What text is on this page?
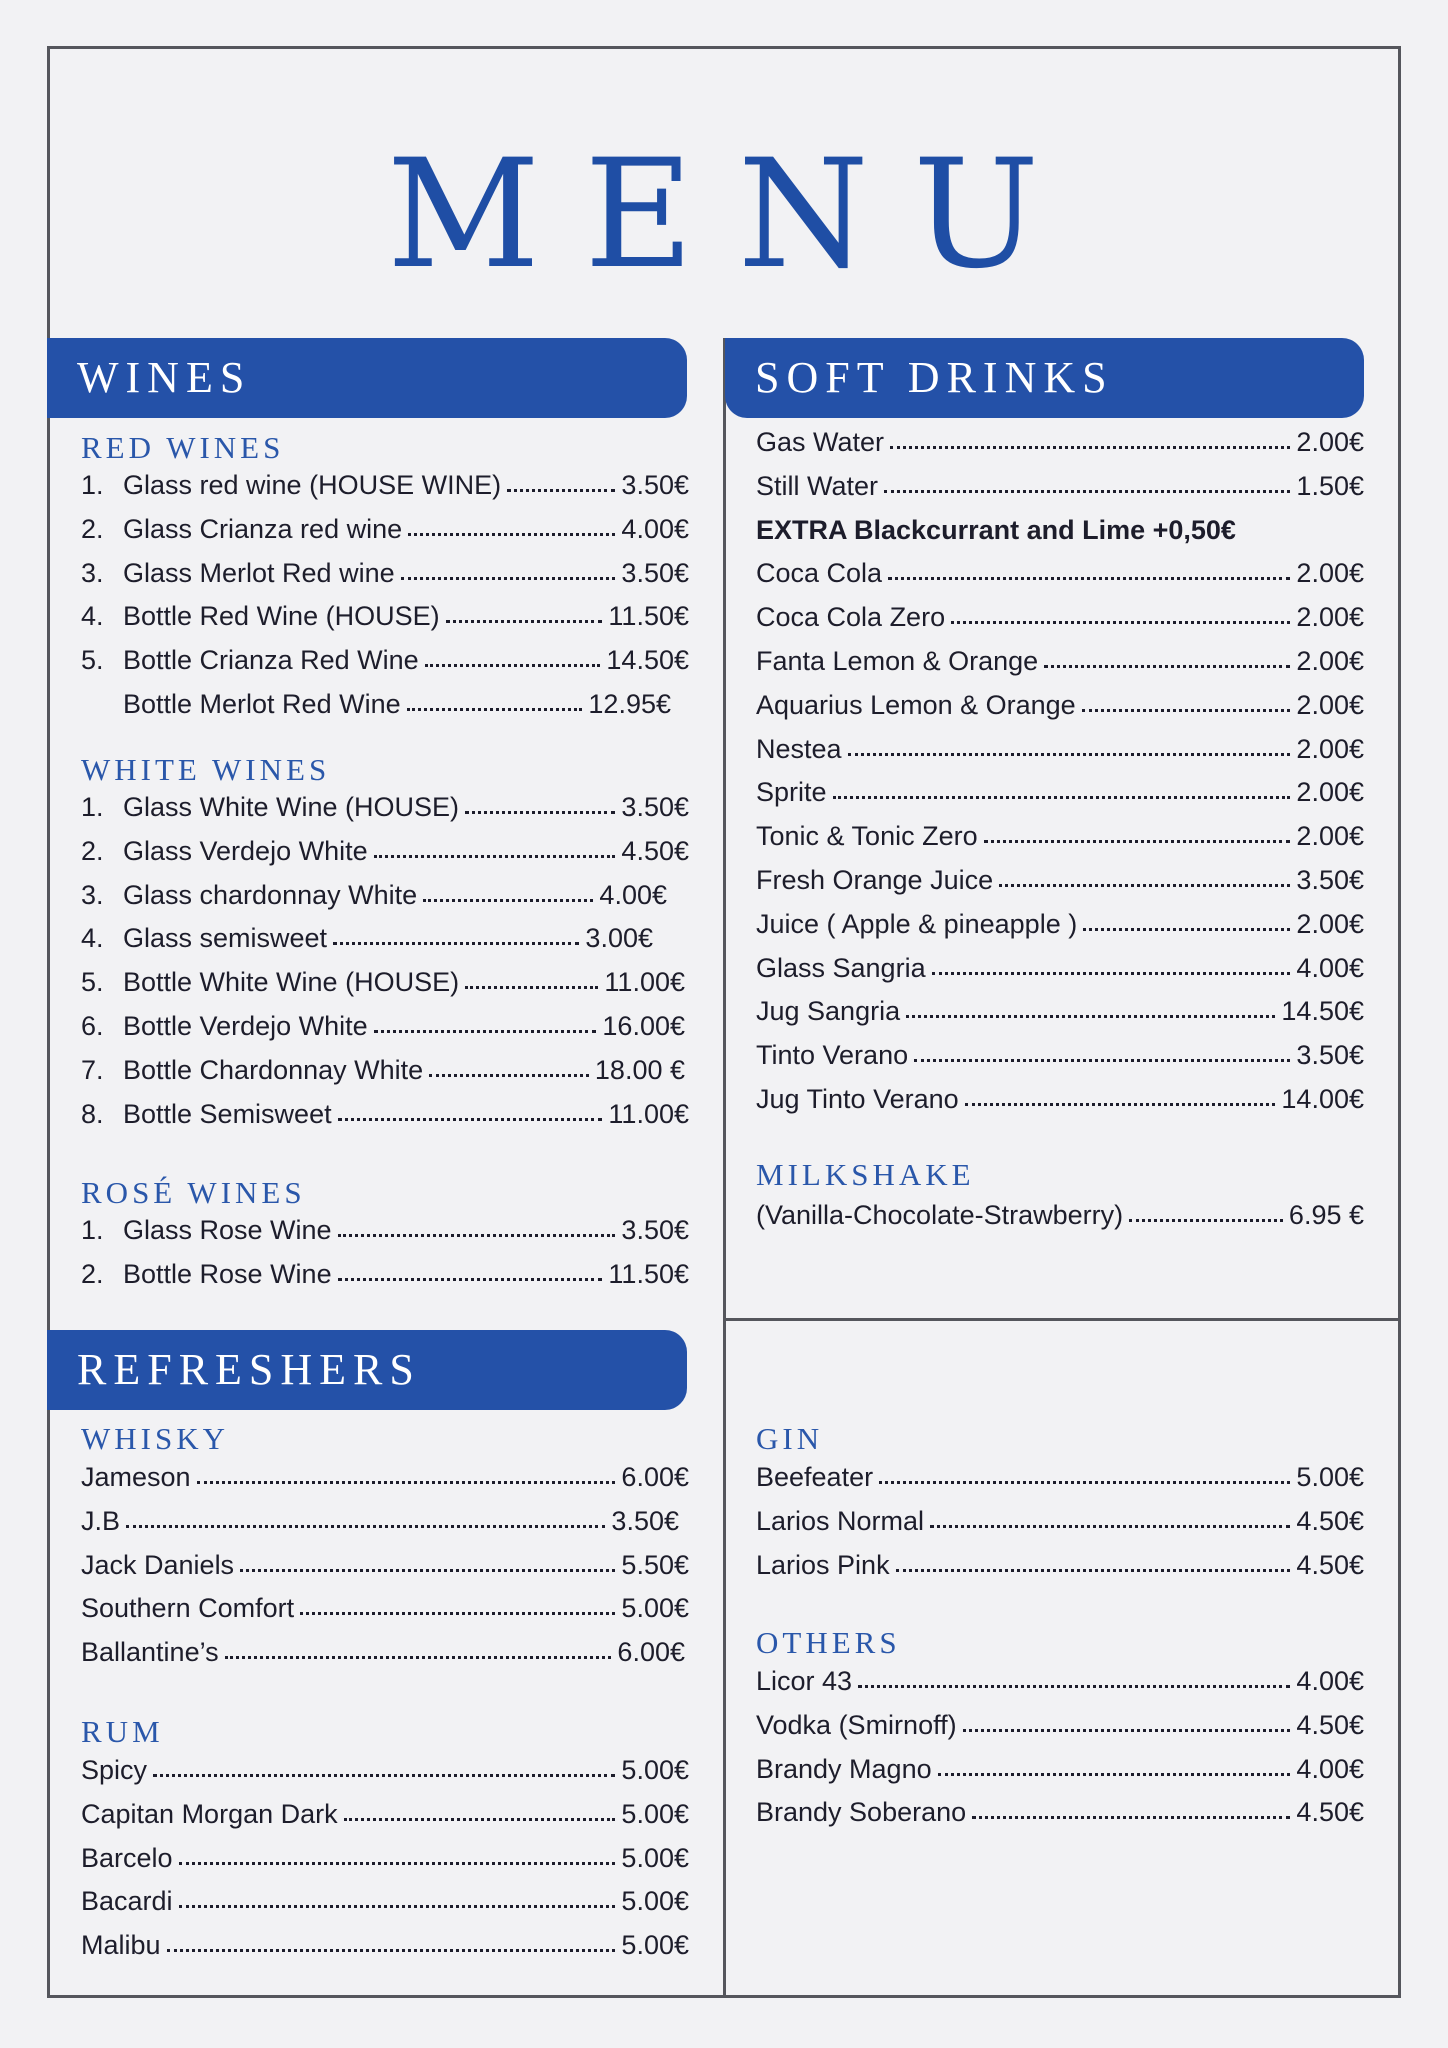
MENU
WINES
RED WINES
1. Glass red wine (HOUSE WINE)	3.50€
2. Glass Crianza red wine	4.00€
3. Glass Merlot Red wine	3.50€
4. Bottle Red Wine (HOUSE)	11.50€
5. Bottle Crianza Red Wine	14.50€
Bottle Merlot Red Wine	12.95€
WHITE WINES
1. Glass White Wine (HOUSE)	3.50€
2. Glass Verdejo White	4.50€
3. Glass chardonnay White	4.00€
4. Glass semisweet	3.00€
5. Bottle White Wine (HOUSE)	11.00€
6. Bottle Verdejo White	16.00€
7. Bottle Chardonnay White	18.00 €
8. Bottle Semisweet	11.00€
ROSÉ WINES
1. Glass Rose Wine	3.50€
2. Bottle Rose Wine	11.50€
SOFT DRINKS
Gas Water	2.00€
Still Water	1.50€
EXTRA Blackcurrant and Lime +0,50€
Coca Cola	2.00€
Coca Cola Zero	2.00€
Fanta Lemon & Orange	2.00€
Aquarius Lemon & Orange	2.00€
Nestea	2.00€
Sprite	2.00€
Tonic & Tonic Zero	2.00€
Fresh Orange Juice	3.50€
Juice ( Apple & pineapple )	2.00€
Glass Sangria	4.00€
Jug Sangria	14.50€
Tinto Verano	3.50€
Jug Tinto Verano	14.00€
MILKSHAKE
(Vanilla-Chocolate-Strawberry)	6.95 €
REFRESHERS
WHISKY
Jameson	6.00€
J.B	3.50€
Jack Daniels	5.50€
Southern Comfort	5.00€
Ballantine’s	6.00€
RUM
Spicy	5.00€
Capitan Morgan Dark	5.00€
Barcelo	5.00€
Bacardi	5.00€
Malibu	5.00€
GIN
Beefeater	5.00€
Larios Normal	4.50€
Larios Pink	4.50€
OTHERS
Licor 43	4.00€
Vodka (Smirnoff)	4.50€
Brandy Magno	4.00€
Brandy Soberano	4.50€
